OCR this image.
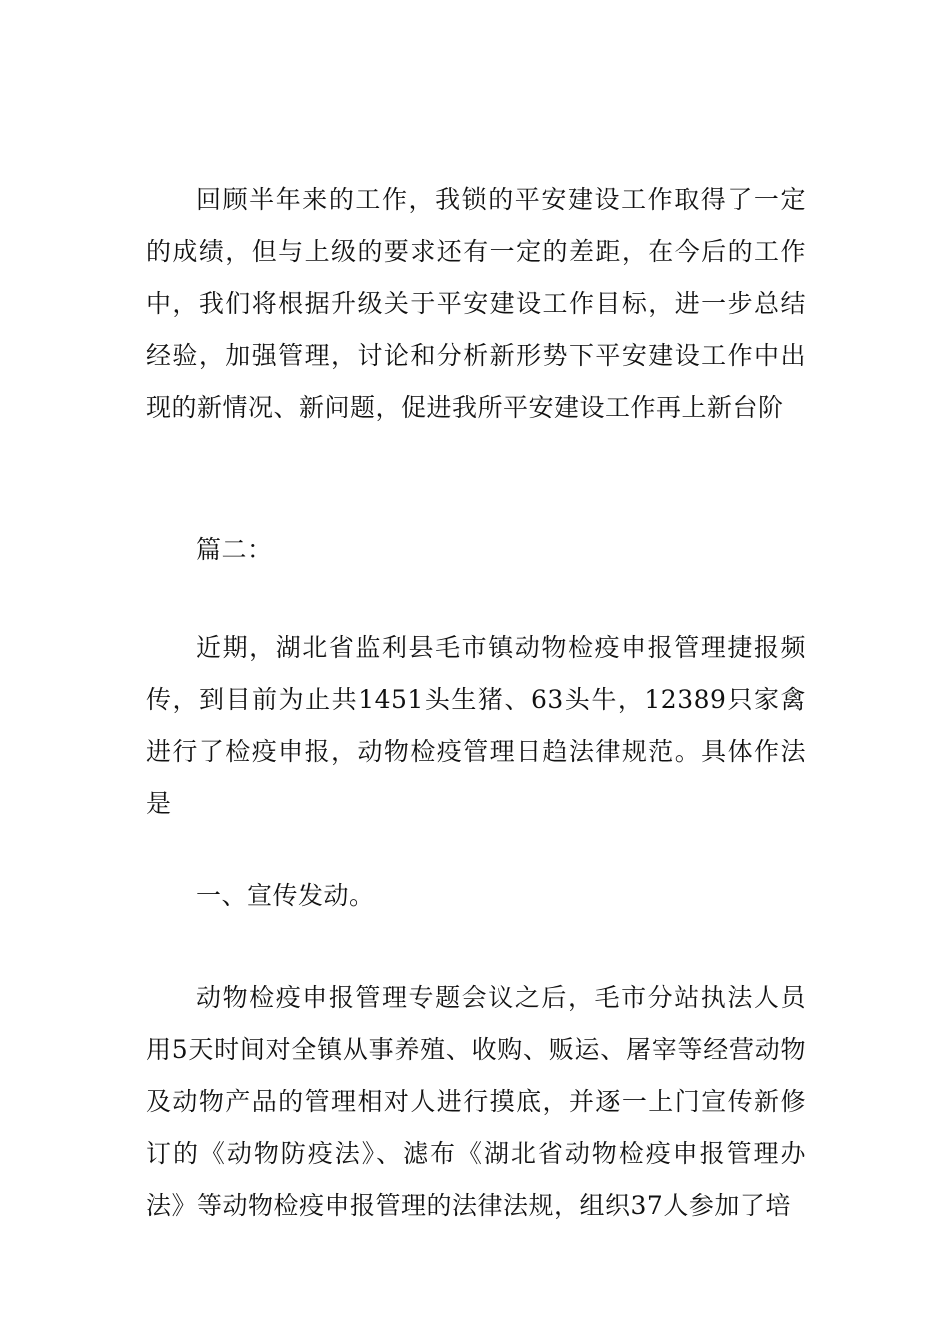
回顾半年来的工作，我锁的平安建设工作取得了一定的成绩，但与上级的要求还有一定的差距，在今后的工作中，我们将根据升级关于平安建设工作目标，进一步总结经验，加强管理，讨论和分析新形势下平安建设工作中出现的新情况、新问题，促进我所平安建设工作再上新台阶

篇二：

近期，湖北省监利县毛市镇动物检疫申报管理捷报频传，到目前为止共1451头生猪、63头牛，12389只家禽进行了检疫申报，动物检疫管理日趋法律规范。具体作法是

一、宣传发动。

动物检疫申报管理专题会议之后，毛市分站执法人员用5天时间对全镇从事养殖、收购、贩运、屠宰等经营动物及动物产品的管理相对人进行摸底，并逐一上门宣传新修订的《动物防疫法》、滤布《湖北省动物检疫申报管理办法》等动物检疫申报管理的法律法规，组织37人参加了培
